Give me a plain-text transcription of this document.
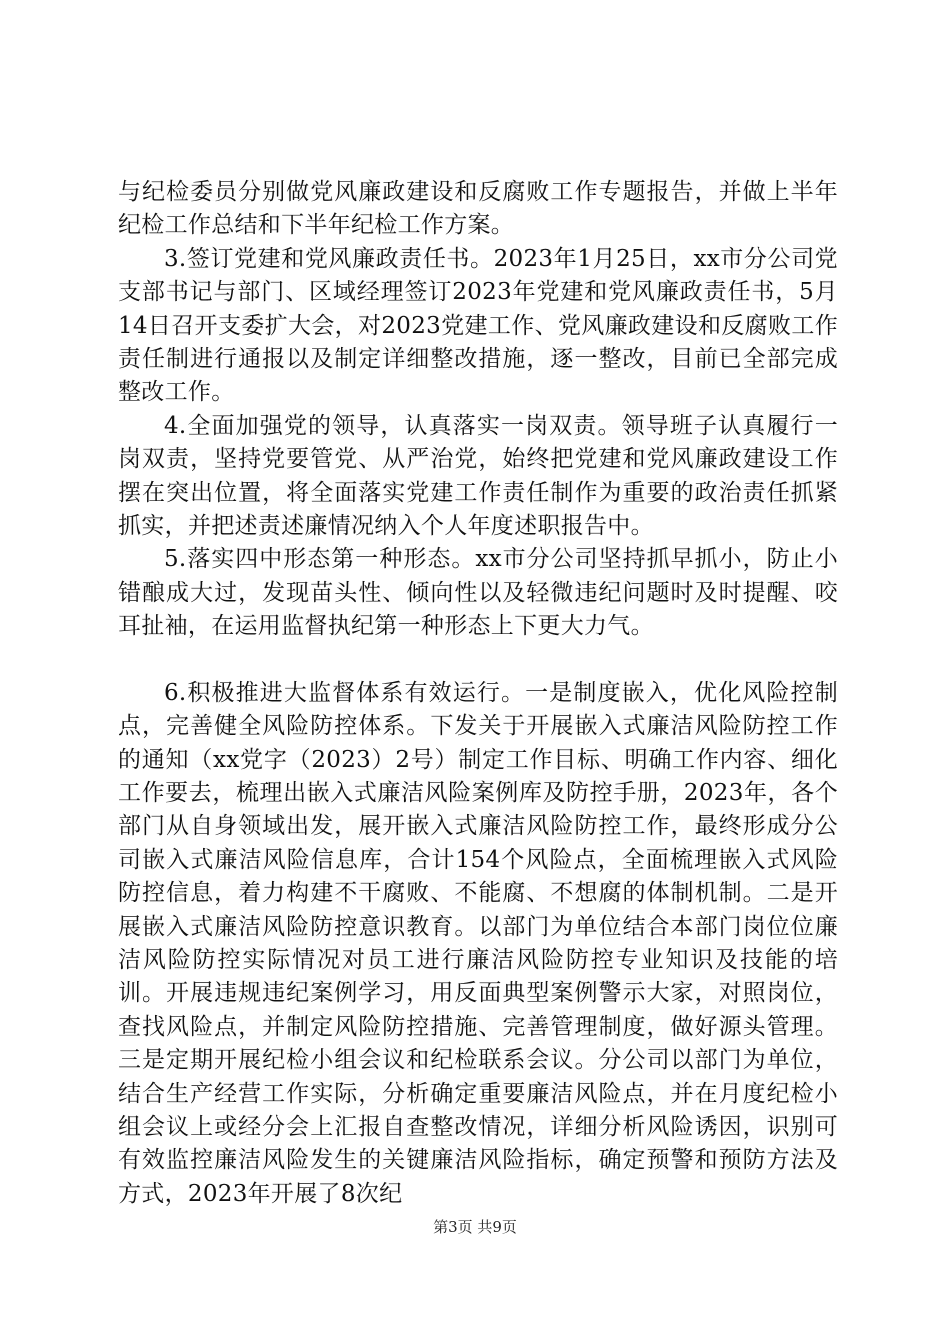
与纪检委员分别做党风廉政建设和反腐败工作专题报告，并做上半年纪检工作总结和下半年纪检工作方案。

3.签订党建和党风廉政责任书。2023年1月25日，xx市分公司党支部书记与部门、区域经理签订2023年党建和党风廉政责任书，5月14日召开支委扩大会，对2023党建工作、党风廉政建设和反腐败工作责任制进行通报以及制定详细整改措施，逐一整改，目前已全部完成整改工作。

4.全面加强党的领导，认真落实一岗双责。领导班子认真履行一岗双责，坚持党要管党、从严治党，始终把党建和党风廉政建设工作摆在突出位置，将全面落实党建工作责任制作为重要的政治责任抓紧抓实，并把述责述廉情况纳入个人年度述职报告中。

5.落实四中形态第一种形态。xx市分公司坚持抓早抓小，防止小错酿成大过，发现苗头性、倾向性以及轻微违纪问题时及时提醒、咬耳扯袖，在运用监督执纪第一种形态上下更大力气。

6.积极推进大监督体系有效运行。一是制度嵌入，优化风险控制点，完善健全风险防控体系。下发关于开展嵌入式廉洁风险防控工作的通知（xx党字（2023）2号）制定工作目标、明确工作内容、细化工作要去，梳理出嵌入式廉洁风险案例库及防控手册，2023年，各个部门从自身领域出发，展开嵌入式廉洁风险防控工作，最终形成分公司嵌入式廉洁风险信息库，合计154个风险点，全面梳理嵌入式风险防控信息，着力构建不干腐败、不能腐、不想腐的体制机制。二是开展嵌入式廉洁风险防控意识教育。以部门为单位结合本部门岗位位廉洁风险防控实际情况对员工进行廉洁风险防控专业知识及技能的培训。开展违规违纪案例学习，用反面典型案例警示大家，对照岗位，查找风险点，并制定风险防控措施、完善管理制度，做好源头管理。三是定期开展纪检小组会议和纪检联系会议。分公司以部门为单位，结合生产经营工作实际，分析确定重要廉洁风险点，并在月度纪检小组会议上或经分会上汇报自查整改情况，详细分析风险诱因，识别可有效监控廉洁风险发生的关键廉洁风险指标，确定预警和预防方法及方式，2023年开展了8次纪

第3页 共9页
